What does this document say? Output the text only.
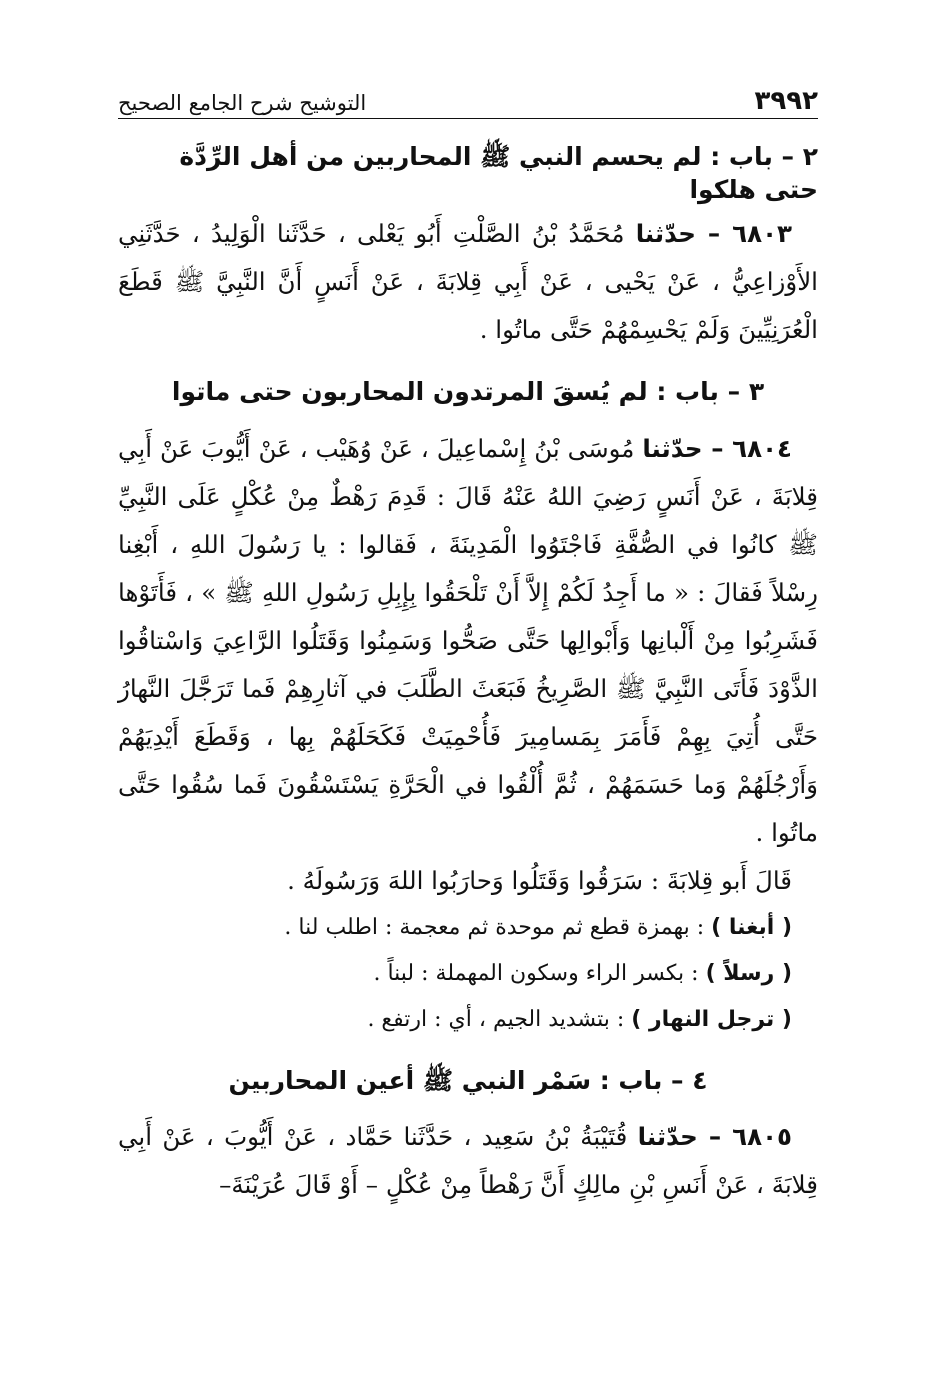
٣٩٩٢
التوشيح شرح الجامع الصحيح
٢ – باب : لم يحسم النبي ﷺ المحاربين من أهل الرِّدَّة حتى هلكوا

٦٨٠٣ – حدّثنا مُحَمَّدُ بْنُ الصَّلْتِ أَبُو يَعْلى ، حَدَّثَنا الْوَلِيدُ ، حَدَّثَنِي الأَوْزاعِيُّ ، عَنْ يَحْيى ، عَنْ أَبِي قِلابَةَ ، عَنْ أَنَسٍ أَنَّ النَّبِيَّ ﷺ قَطَعَ الْعُرَنِيِّينَ وَلَمْ يَحْسِمْهُمْ حَتَّى ماتُوا .

٣ – باب : لم يُسقَ المرتدون المحاربون حتى ماتوا

٦٨٠٤ – حدّثنا مُوسَى بْنُ إِسْماعِيلَ ، عَنْ وُهَيْب ، عَنْ أَيُّوبَ عَنْ أَبِي قِلابَةَ ، عَنْ أَنَسٍ رَضِيَ اللهُ عَنْهُ قَالَ : قَدِمَ رَهْطٌ مِنْ عُكْلٍ عَلَى النَّبِيِّ ﷺ كانُوا في الصُّفَّةِ فَاجْتَوُوا الْمَدِينَةَ ، فَقالوا : يا رَسُولَ اللهِ ، أَبْغِنا رِسْلاً فَقالَ : « ما أَجِدُ لَكُمْ إِلاَّ أَنْ تَلْحَقُوا بِإِبِلِ رَسُولِ اللهِ ﷺ » ، فَأَتَوْها فَشَرِبُوا مِنْ أَلْبانِها وَأَبْوالِها حَتَّى صَحُّوا وَسَمِنُوا وَقَتَلُوا الرَّاعِيَ وَاسْتاقُوا الذَّوْدَ فَأَتَى النَّبِيَّ ﷺ الصَّرِيخُ فَبَعَثَ الطَّلَبَ في آثارِهِمْ فَما تَرَجَّلَ النَّهارُ حَتَّى أُتِيَ بِهِمْ فَأَمَرَ بِمَسامِيرَ فَأُحْمِيَتْ فَكَحَلَهُمْ بِها ، وَقَطَعَ أَيْدِيَهُمْ وَأَرْجُلَهُمْ وَما حَسَمَهُمْ ، ثُمَّ أُلْقُوا في الْحَرَّةِ يَسْتَسْقُونَ فَما سُقُوا حَتَّى ماتُوا .

قَالَ أَبو قِلابَةَ : سَرَقُوا وَقَتَلُوا وَحارَبُوا اللهَ وَرَسُولَهُ .

( أبغنا ) : بهمزة قطع ثم موحدة ثم معجمة : اطلب لنا .

( رسلاً ) : بكسر الراء وسكون المهملة : لبناً .

( ترجل النهار ) : بتشديد الجيم ، أي : ارتفع .

٤ – باب : سَمْر النبي ﷺ أعين المحاربين

٦٨٠٥ – حدّثنا قُتَيْبَةُ بْنُ سَعِيد ، حَدَّثَنا حَمَّاد ، عَنْ أَيُّوبَ ، عَنْ أَبِي قِلابَةَ ، عَنْ أَنَسِ بْنِ مالِكٍ أَنَّ رَهْطاً مِنْ عُكْلٍ – أَوْ قَالَ عُرَيْنَةَ–
